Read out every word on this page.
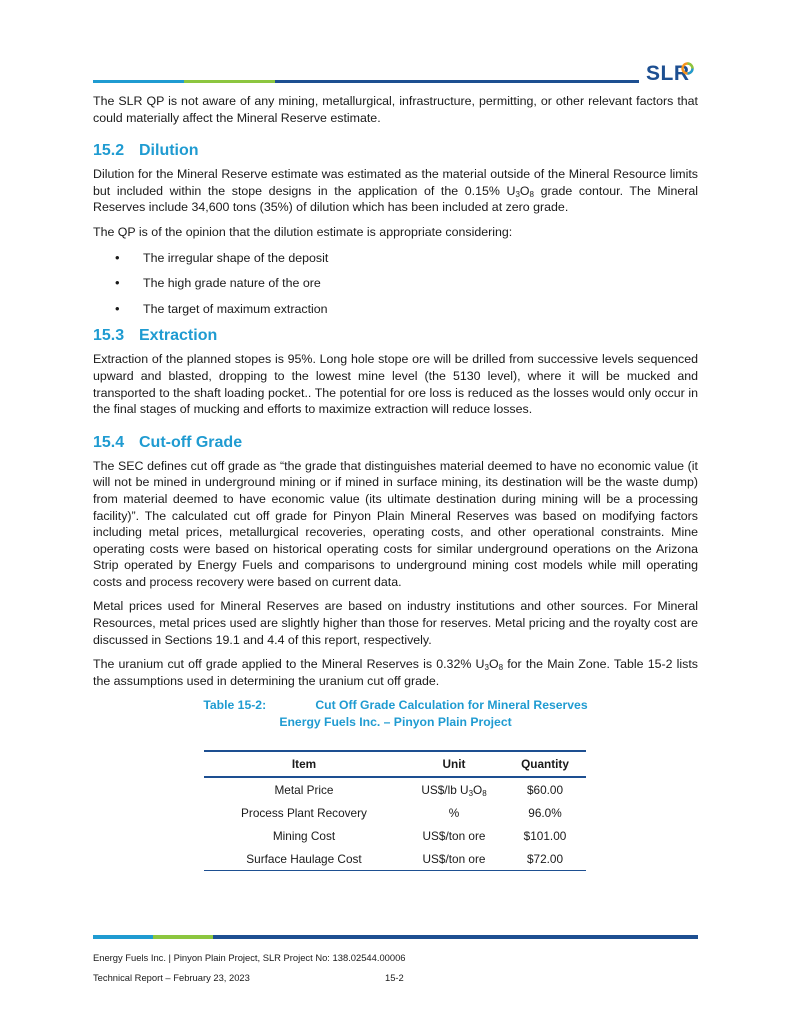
SLR

The SLR QP is not aware of any mining, metallurgical, infrastructure, permitting, or other relevant factors that could materially affect the Mineral Reserve estimate.

15.2 Dilution

Dilution for the Mineral Reserve estimate was estimated as the material outside of the Mineral Resource limits but included within the stope designs in the application of the 0.15% $U_3O_8$ grade contour. The Mineral Reserves include 34,600 tons (35%) of dilution which has been included at zero grade.

The QP is of the opinion that the dilution estimate is appropriate considering:

• The irregular shape of the deposit
• The high grade nature of the ore
• The target of maximum extraction
15.3 Extraction

Extraction of the planned stopes is 95%. Long hole stope ore will be drilled from successive levels sequenced upward and blasted, dropping to the lowest mine level (the 5130 level), where it will be mucked and transported to the shaft loading pocket.. The potential for ore loss is reduced as the losses would only occur in the final stages of mucking and efforts to maximize extraction will reduce losses.

15.4 Cut-off Grade

The SEC defines cut off grade as “the grade that distinguishes material deemed to have no economic value (it will not be mined in underground mining or if mined in surface mining, its destination will be the waste dump) from material deemed to have economic value (its ultimate destination during mining will be a processing facility)”. The calculated cut off grade for Pinyon Plain Mineral Reserves was based on modifying factors including metal prices, metallurgical recoveries, operating costs, and other operational constraints. Mine operating costs were based on historical operating costs for similar underground operations on the Arizona Strip operated by Energy Fuels and comparisons to underground mining cost models while mill operating costs and process recovery were based on current data.

Metal prices used for Mineral Reserves are based on industry institutions and other sources. For Mineral Resources, metal prices used are slightly higher than those for reserves. Metal pricing and the royalty cost are discussed in Sections 19.1 and 4.4 of this report, respectively.

The uranium cut off grade applied to the Mineral Reserves is 0.32% $U_3O_8$ for the Main Zone. Table 15-2 lists the assumptions used in determining the uranium cut off grade.

Table 15-2:	Cut Off Grade Calculation for Mineral Reserves
Energy Fuels Inc. – Pinyon Plain Project
Item	Unit	Quantity
Metal Price	US$/lb $U_3O_8$	$60.00
Process Plant Recovery	%	96.0%
Mining Cost	US$/ton ore	$101.00
Surface Haulage Cost	US$/ton ore	$72.00
Energy Fuels Inc. | Pinyon Plain Project, SLR Project No: 138.02544.00006
Technical Report – February 23, 2023	15-2
